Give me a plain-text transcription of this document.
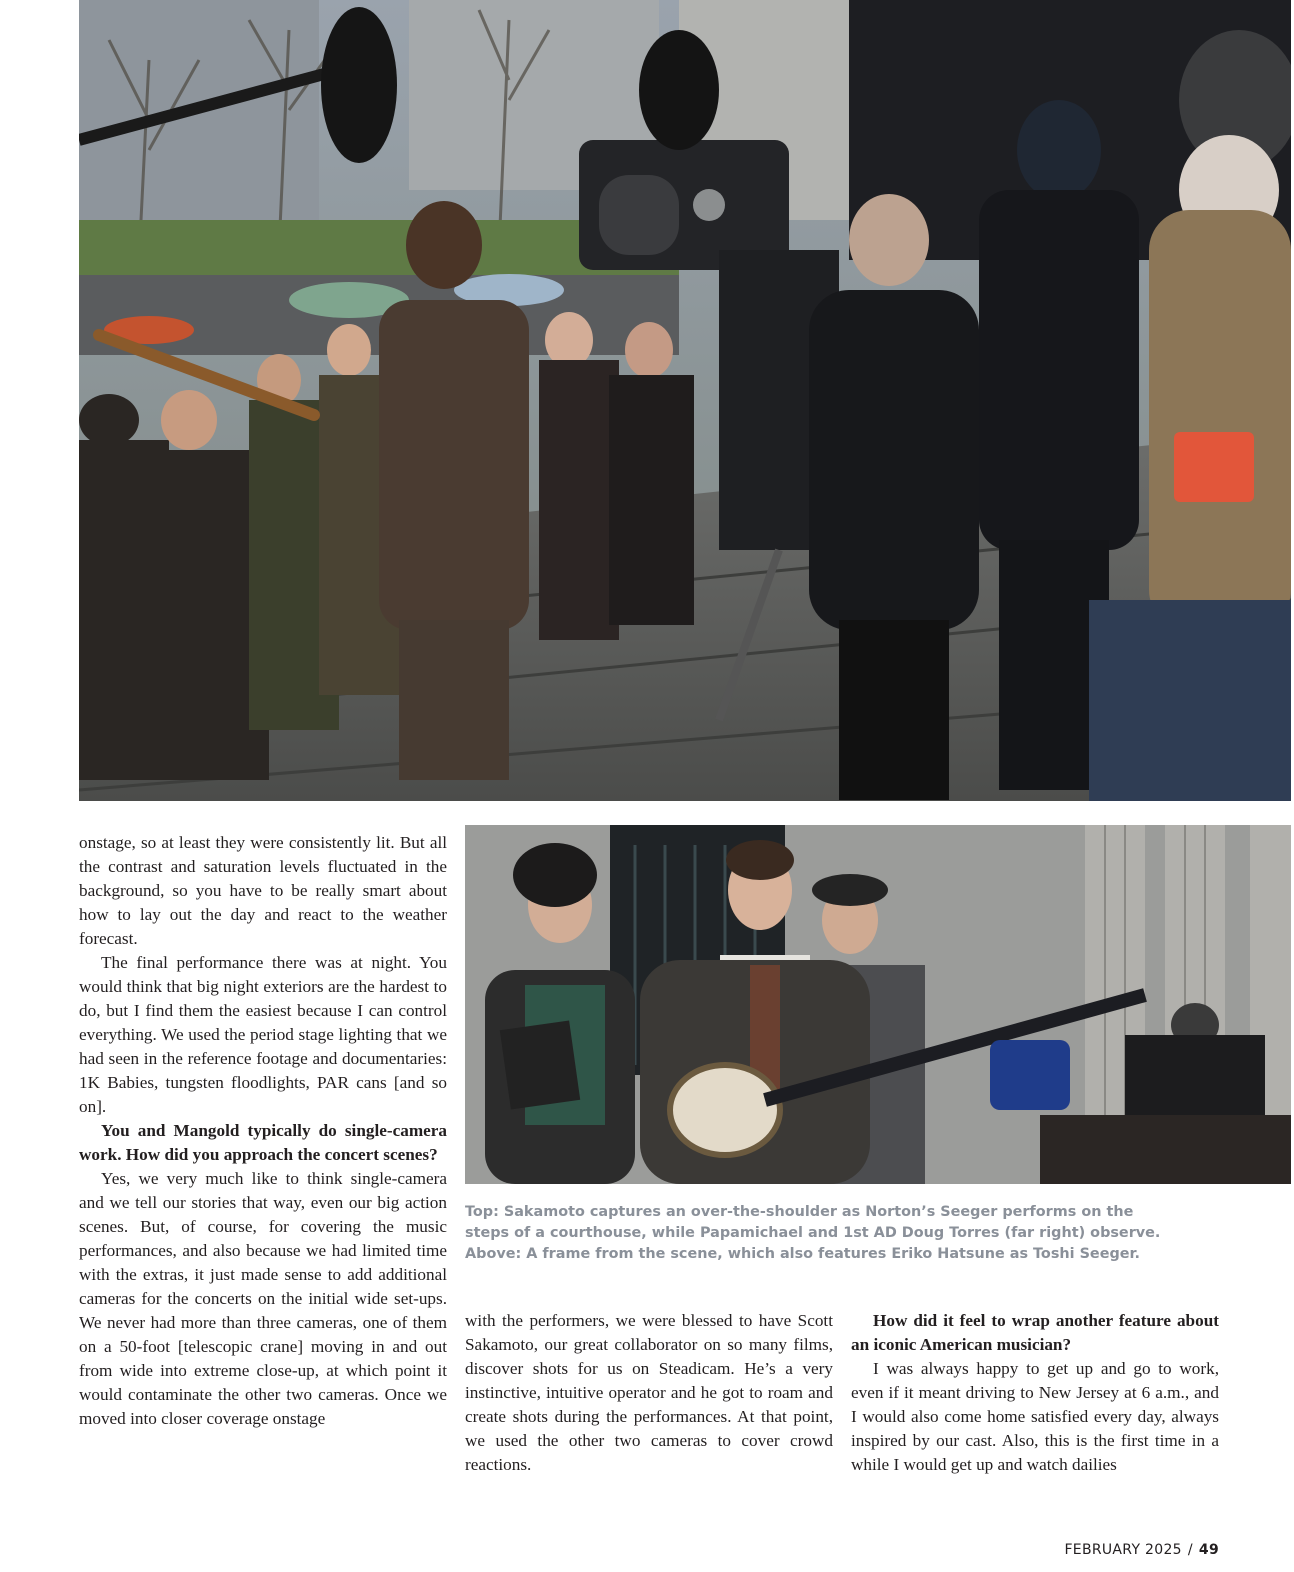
onstage, so at least they were consistently lit. But all the contrast and saturation levels fluctuated in the background, so you have to be really smart about how to lay out the day and react to the weather forecast.

The final performance there was at night. You would think that big night exteriors are the hardest to do, but I find them the easiest because I can control everything. We used the period stage lighting that we had seen in the reference footage and documentaries: 1K Babies, tungsten floodlights, PAR cans [and so on].

You and Mangold typically do single-camera work. How did you approach the concert scenes?

Yes, we very much like to think single-camera and we tell our stories that way, even our big action scenes. But, of course, for covering the music performances, and also because we had limited time with the extras, it just made sense to add additional cameras for the concerts on the initial wide set-ups. We never had more than three cameras, one of them on a 50-foot [telescopic crane] moving in and out from wide into extreme close-up, at which point it would contaminate the other two cameras. Once we moved into closer coverage onstage

Top: Sakamoto captures an over-the-shoulder as Norton’s Seeger performs on the steps of a courthouse, while Papamichael and 1st AD Doug Torres (far right) observe. Above: A frame from the scene, which also features Eriko Hatsune as Toshi Seeger.

with the performers, we were blessed to have Scott Sakamoto, our great collaborator on so many films, discover shots for us on Steadicam. He’s a very instinctive, intuitive operator and he got to roam and create shots during the performances. At that point, we used the other two cameras to cover crowd reactions.

How did it feel to wrap another feature about an iconic American musician?

I was always happy to get up and go to work, even if it meant driving to New Jersey at 6 a.m., and I would also come home satisfied every day, always inspired by our cast. Also, this is the first time in a while I would get up and watch dailies

FEBRUARY 2025 / 49
